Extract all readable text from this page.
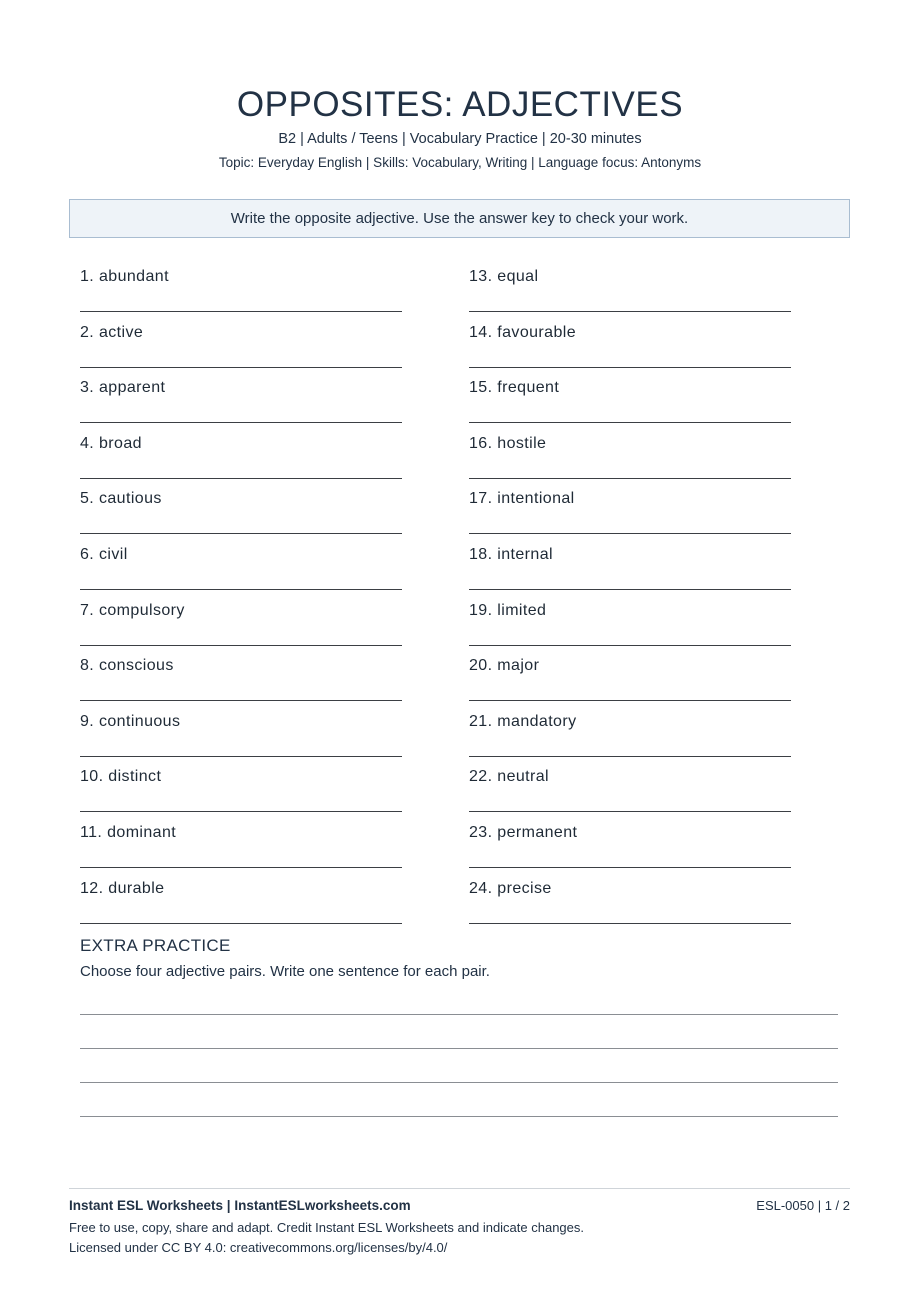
OPPOSITES: ADJECTIVES
B2 | Adults / Teens | Vocabulary Practice | 20-30 minutes
Topic: Everyday English | Skills: Vocabulary, Writing | Language focus: Antonyms
Write the opposite adjective. Use the answer key to check your work.
1. abundant
2. active
3. apparent
4. broad
5. cautious
6. civil
7. compulsory
8. conscious
9. continuous
10. distinct
11. dominant
12. durable
13. equal
14. favourable
15. frequent
16. hostile
17. intentional
18. internal
19. limited
20. major
21. mandatory
22. neutral
23. permanent
24. precise
EXTRA PRACTICE
Choose four adjective pairs. Write one sentence for each pair.
Instant ESL Worksheets | InstantESLworksheets.com	ESL-0050 | 1 / 2
Free to use, copy, share and adapt. Credit Instant ESL Worksheets and indicate changes.
Licensed under CC BY 4.0: creativecommons.org/licenses/by/4.0/
